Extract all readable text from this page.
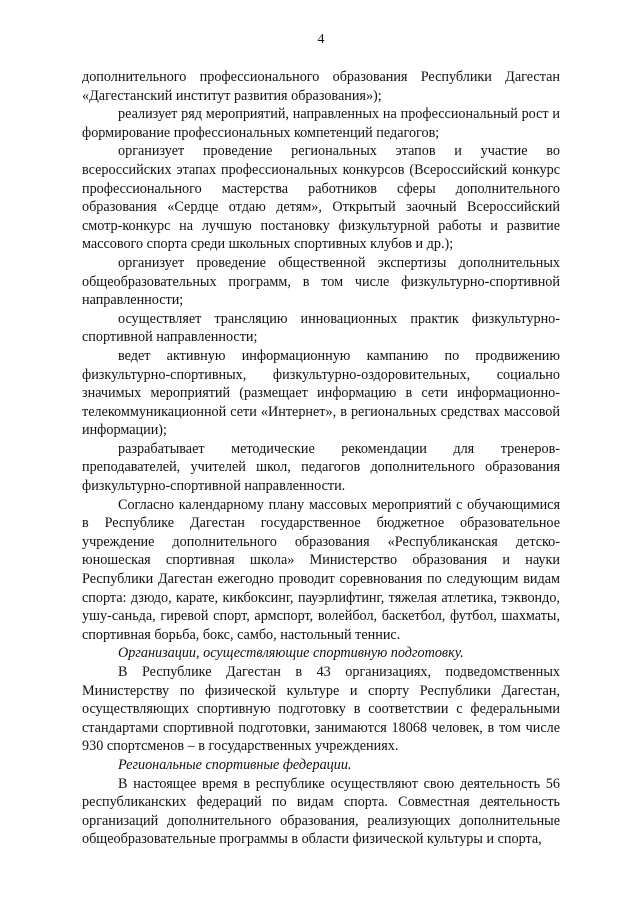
4

дополнительного профессионального образования Республики Дагестан «Дагестанский институт развития образования»);

реализует ряд мероприятий, направленных на профессиональный рост и формирование профессиональных компетенций педагогов;

организует проведение региональных этапов и участие во всероссийских этапах профессиональных конкурсов (Всероссийский конкурс профессионального мастерства работников сферы дополнительного образования «Сердце отдаю детям», Открытый заочный Всероссийский смотр-конкурс на лучшую постановку физкультурной работы и развитие массового спорта среди школьных спортивных клубов и др.);

организует проведение общественной экспертизы дополнительных общеобразовательных программ, в том числе физкультурно-спортивной направленности;

осуществляет трансляцию инновационных практик физкультурно-спортивной направленности;

ведет активную информационную кампанию по продвижению физкультурно-спортивных, физкультурно-оздоровительных, социально значимых мероприятий (размещает информацию в сети информационно-телекоммуникационной сети «Интернет», в региональных средствах массовой информации);

разрабатывает методические рекомендации для тренеров-преподавателей, учителей школ, педагогов дополнительного образования физкультурно-спортивной направленности.

Согласно календарному плану массовых мероприятий с обучающимися в Республике Дагестан государственное бюджетное образовательное учреждение дополнительного образования «Республиканская детско-юношеская спортивная школа» Министерство образования и науки Республики Дагестан ежегодно проводит соревнования по следующим видам спорта: дзюдо, карате, кикбоксинг, пауэрлифтинг, тяжелая атлетика, тэквондо, ушу-саньда, гиревой спорт, армспорт, волейбол, баскетбол, футбол, шахматы, спортивная борьба, бокс, самбо, настольный теннис.

Организации, осуществляющие спортивную подготовку.

В Республике Дагестан в 43 организациях, подведомственных Министерству по физической культуре и спорту Республики Дагестан, осуществляющих спортивную подготовку в соответствии с федеральными стандартами спортивной подготовки, занимаются 18068 человек, в том числе 930 спортсменов – в государственных учреждениях.

Региональные спортивные федерации.

В настоящее время в республике осуществляют свою деятельность 56 республиканских федераций по видам спорта. Совместная деятельность организаций дополнительного образования, реализующих дополнительные общеобразовательные программы в области физической культуры и спорта,
